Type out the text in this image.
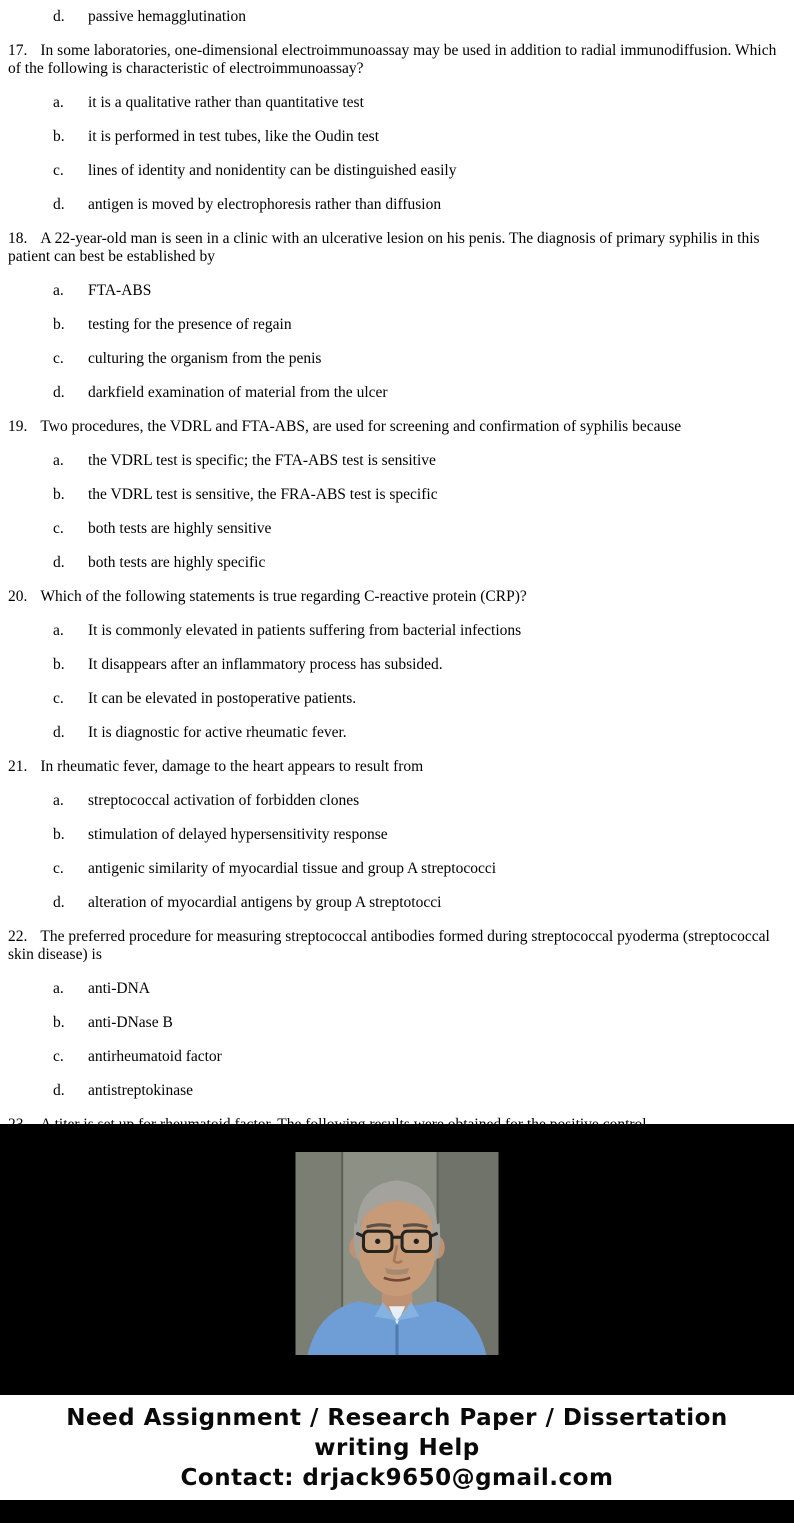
d. passive hemagglutination
17. In some laboratories, one-dimensional electroimmunoassay may be used in addition to radial immunodiffusion. Which of the following is characteristic of electroimmunoassay?
a. it is a qualitative rather than quantitative test
b. it is performed in test tubes, like the Oudin test
c. lines of identity and nonidentity can be distinguished easily
d. antigen is moved by electrophoresis rather than diffusion
18. A 22-year-old man is seen in a clinic with an ulcerative lesion on his penis. The diagnosis of primary syphilis in this patient can best be established by
a. FTA-ABS
b. testing for the presence of regain
c. culturing the organism from the penis
d. darkfield examination of material from the ulcer
19. Two procedures, the VDRL and FTA-ABS, are used for screening and confirmation of syphilis because
a. the VDRL test is specific; the FTA-ABS test is sensitive
b. the VDRL test is sensitive, the FRA-ABS test is specific
c. both tests are highly sensitive
d. both tests are highly specific
20. Which of the following statements is true regarding C-reactive protein (CRP)?
a. It is commonly elevated in patients suffering from bacterial infections
b. It disappears after an inflammatory process has subsided.
c. It can be elevated in postoperative patients.
d. It is diagnostic for active rheumatic fever.
21. In rheumatic fever, damage to the heart appears to result from
a. streptococcal activation of forbidden clones
b. stimulation of delayed hypersensitivity response
c. antigenic similarity of myocardial tissue and group A streptococci
d. alteration of myocardial antigens by group A streptotocci
22. The preferred procedure for measuring streptococcal antibodies formed during streptococcal pyoderma (streptococcal skin disease) is
a. anti-DNA
b. anti-DNase B
c. antirheumatoid factor
d. antistreptokinase
Need Assignment / Research Paper / Dissertation
writing Help
Contact: drjack9650@gmail.com
